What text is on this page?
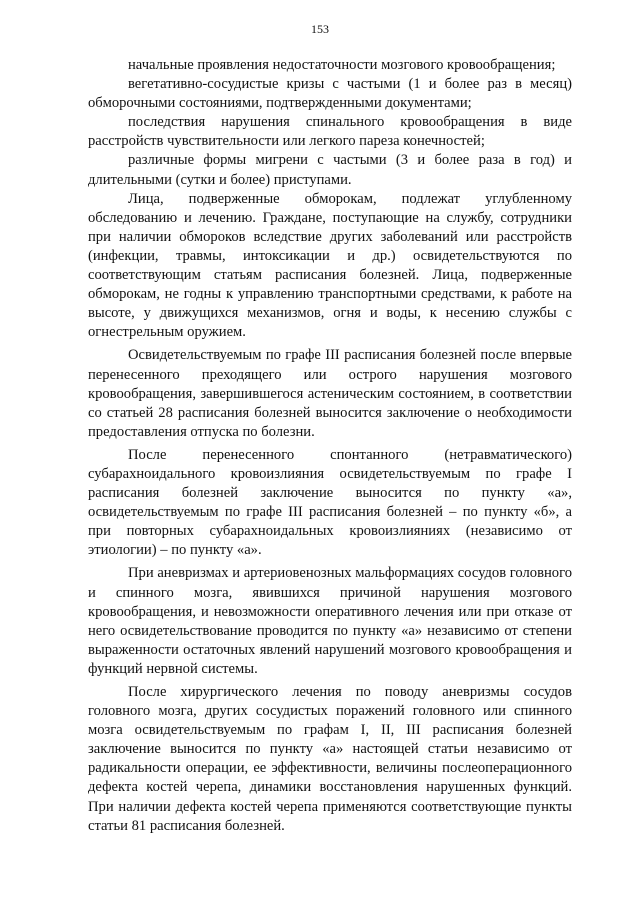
153

начальные проявления недостаточности мозгового кровообращения;

вегетативно-сосудистые кризы с частыми (1 и более раз в месяц) обморочными состояниями, подтвержденными документами;

последствия нарушения спинального кровообращения в виде расстройств чувствительности или легкого пареза конечностей;

различные формы мигрени с частыми (3 и более раза в год) и длительными (сутки и более) приступами.

Лица, подверженные обморокам, подлежат углубленному обследованию и лечению. Граждане, поступающие на службу, сотрудники при наличии обмороков вследствие других заболеваний или расстройств (инфекции, травмы, интоксикации и др.) освидетельствуются по соответствующим статьям расписания болезней. Лица, подверженные обморокам, не годны к управлению транспортными средствами, к работе на высоте, у движущихся механизмов, огня и воды, к несению службы с огнестрельным оружием.

Освидетельствуемым по графе III расписания болезней после впервые перенесенного преходящего или острого нарушения мозгового кровообращения, завершившегося астеническим состоянием, в соответствии со статьей 28 расписания болезней выносится заключение о необходимости предоставления отпуска по болезни.

После перенесенного спонтанного (нетравматического) субарахноидального кровоизлияния освидетельствуемым по графе I расписания болезней заключение выносится по пункту «а», освидетельствуемым по графе III расписания болезней – по пункту «б», а при повторных субарахноидальных кровоизлияниях (независимо от этиологии) – по пункту «а».

При аневризмах и артериовенозных мальформациях сосудов головного и спинного мозга, явившихся причиной нарушения мозгового кровообращения, и невозможности оперативного лечения или при отказе от него освидетельствование проводится по пункту «а» независимо от степени выраженности остаточных явлений нарушений мозгового кровообращения и функций нервной системы.

После хирургического лечения по поводу аневризмы сосудов головного мозга, других сосудистых поражений головного или спинного мозга освидетельствуемым по графам I, II, III расписания болезней заключение выносится по пункту «а» настоящей статьи независимо от радикальности операции, ее эффективности, величины послеоперационного дефекта костей черепа, динамики восстановления нарушенных функций. При наличии дефекта костей черепа применяются соответствующие пункты статьи 81 расписания болезней.
